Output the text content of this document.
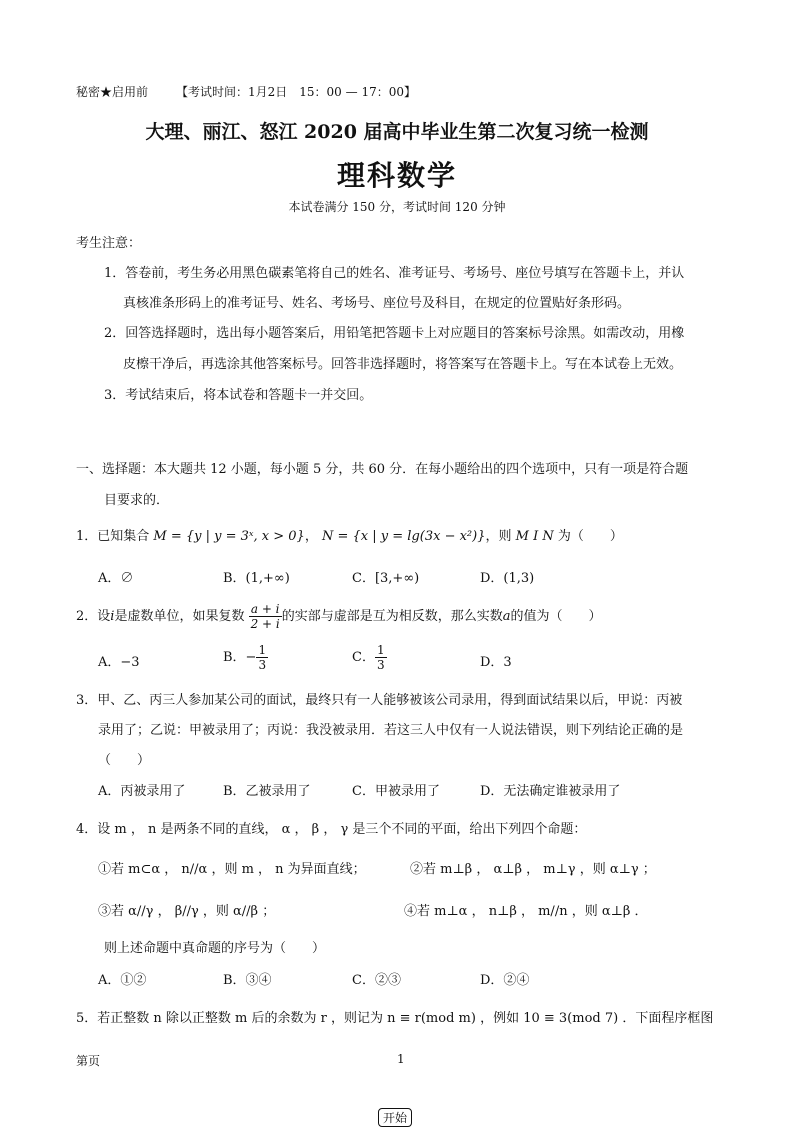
秘密★启用前 【考试时间：1月2日　15：00 — 17：00】
大理、丽江、怒江 2020 届高中毕业生第二次复习统一检测
理科数学
本试卷满分 150 分，考试时间 120 分钟
考生注意：
1．答卷前，考生务必用黑色碳素笔将自己的姓名、准考证号、考场号、座位号填写在答题卡上，并认
真核准条形码上的准考证号、姓名、考场号、座位号及科目，在规定的位置贴好条形码。
2．回答选择题时，选出每小题答案后，用铅笔把答题卡上对应题目的答案标号涂黑。如需改动，用橡
皮檫干净后，再选涂其他答案标号。回答非选择题时，将答案写在答题卡上。写在本试卷上无效。
3．考试结束后，将本试卷和答题卡一并交回。
一、选择题：本大题共 12 小题，每小题 5 分，共 60 分．在每小题给出的四个选项中，只有一项是符合题
目要求的．
1．已知集合 M = {y | y = 3ˣ, x > 0}， N = {x | y = lg(3x − x²)}，则 M Ⅰ N 为（　　）
A．∅	B．(1,+∞)	C．[3,+∞)	D．(1,3)
2．设i是虚数单位，如果复数 $\frac{a + i}{2 + i}$ 的实部与虚部是互为相反数，那么实数a的值为（　　）
A．−3	B．− $\frac{1}{3}$	C． $\frac{1}{3}$	D．3
3．甲、乙、丙三人参加某公司的面试，最终只有一人能够被该公司录用，得到面试结果以后，甲说：丙被
录用了；乙说：甲被录用了；丙说：我没被录用．若这三人中仅有一人说法错误，则下列结论正确的是
（　　）
A．丙被录用了	B．乙被录用了	C．甲被录用了	D．无法确定谁被录用了
4．设 m ， n 是两条不同的直线， α ， β ， γ 是三个不同的平面，给出下列四个命题：
①若 m⊂α ， n//α ，则 m ， n 为异面直线；	②若 m⊥β ， α⊥β ， m⊥γ ，则 α⊥γ ；
③若 α//γ ， β//γ ，则 α//β ；	④若 m⊥α ， n⊥β ， m//n ，则 α⊥β ．
则上述命题中真命题的序号为（　　）
A．①②	B．③④	C．②③	D．②④
5．若正整数 n 除以正整数 m 后的余数为 r ，则记为 n ≡ r(mod m) ，例如 10 ≡ 3(mod 7) ．下面程序框图
第页	1
开始
